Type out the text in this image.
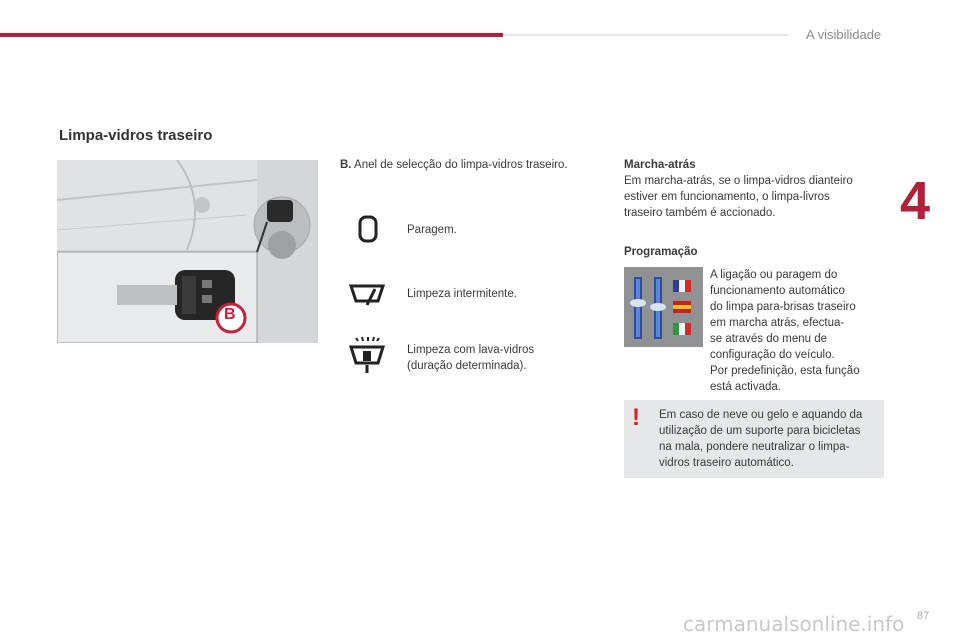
A visibilidade
4
Limpa-vidros traseiro
B
B. Anel de selecção do limpa-vidros traseiro.
Paragem.
Limpeza intermitente.
Limpeza com lava-vidros
(duração determinada).
Marcha-atrás
Em marcha-atrás, se o limpa-vidros dianteiro
estiver em funcionamento, o limpa-livros
traseiro também é accionado.
Programação
A ligação ou paragem do
funcionamento automático
do limpa para-brisas traseiro
em marcha atrás, efectua-
se através do menu de
configuração do veículo.
Por predefinição, esta função
está activada.
! Em caso de neve ou gelo e aquando da
utilização de um suporte para bicicletas
na mala, pondere neutralizar o limpa-
vidros traseiro automático.
carmanualsonline.info 87
